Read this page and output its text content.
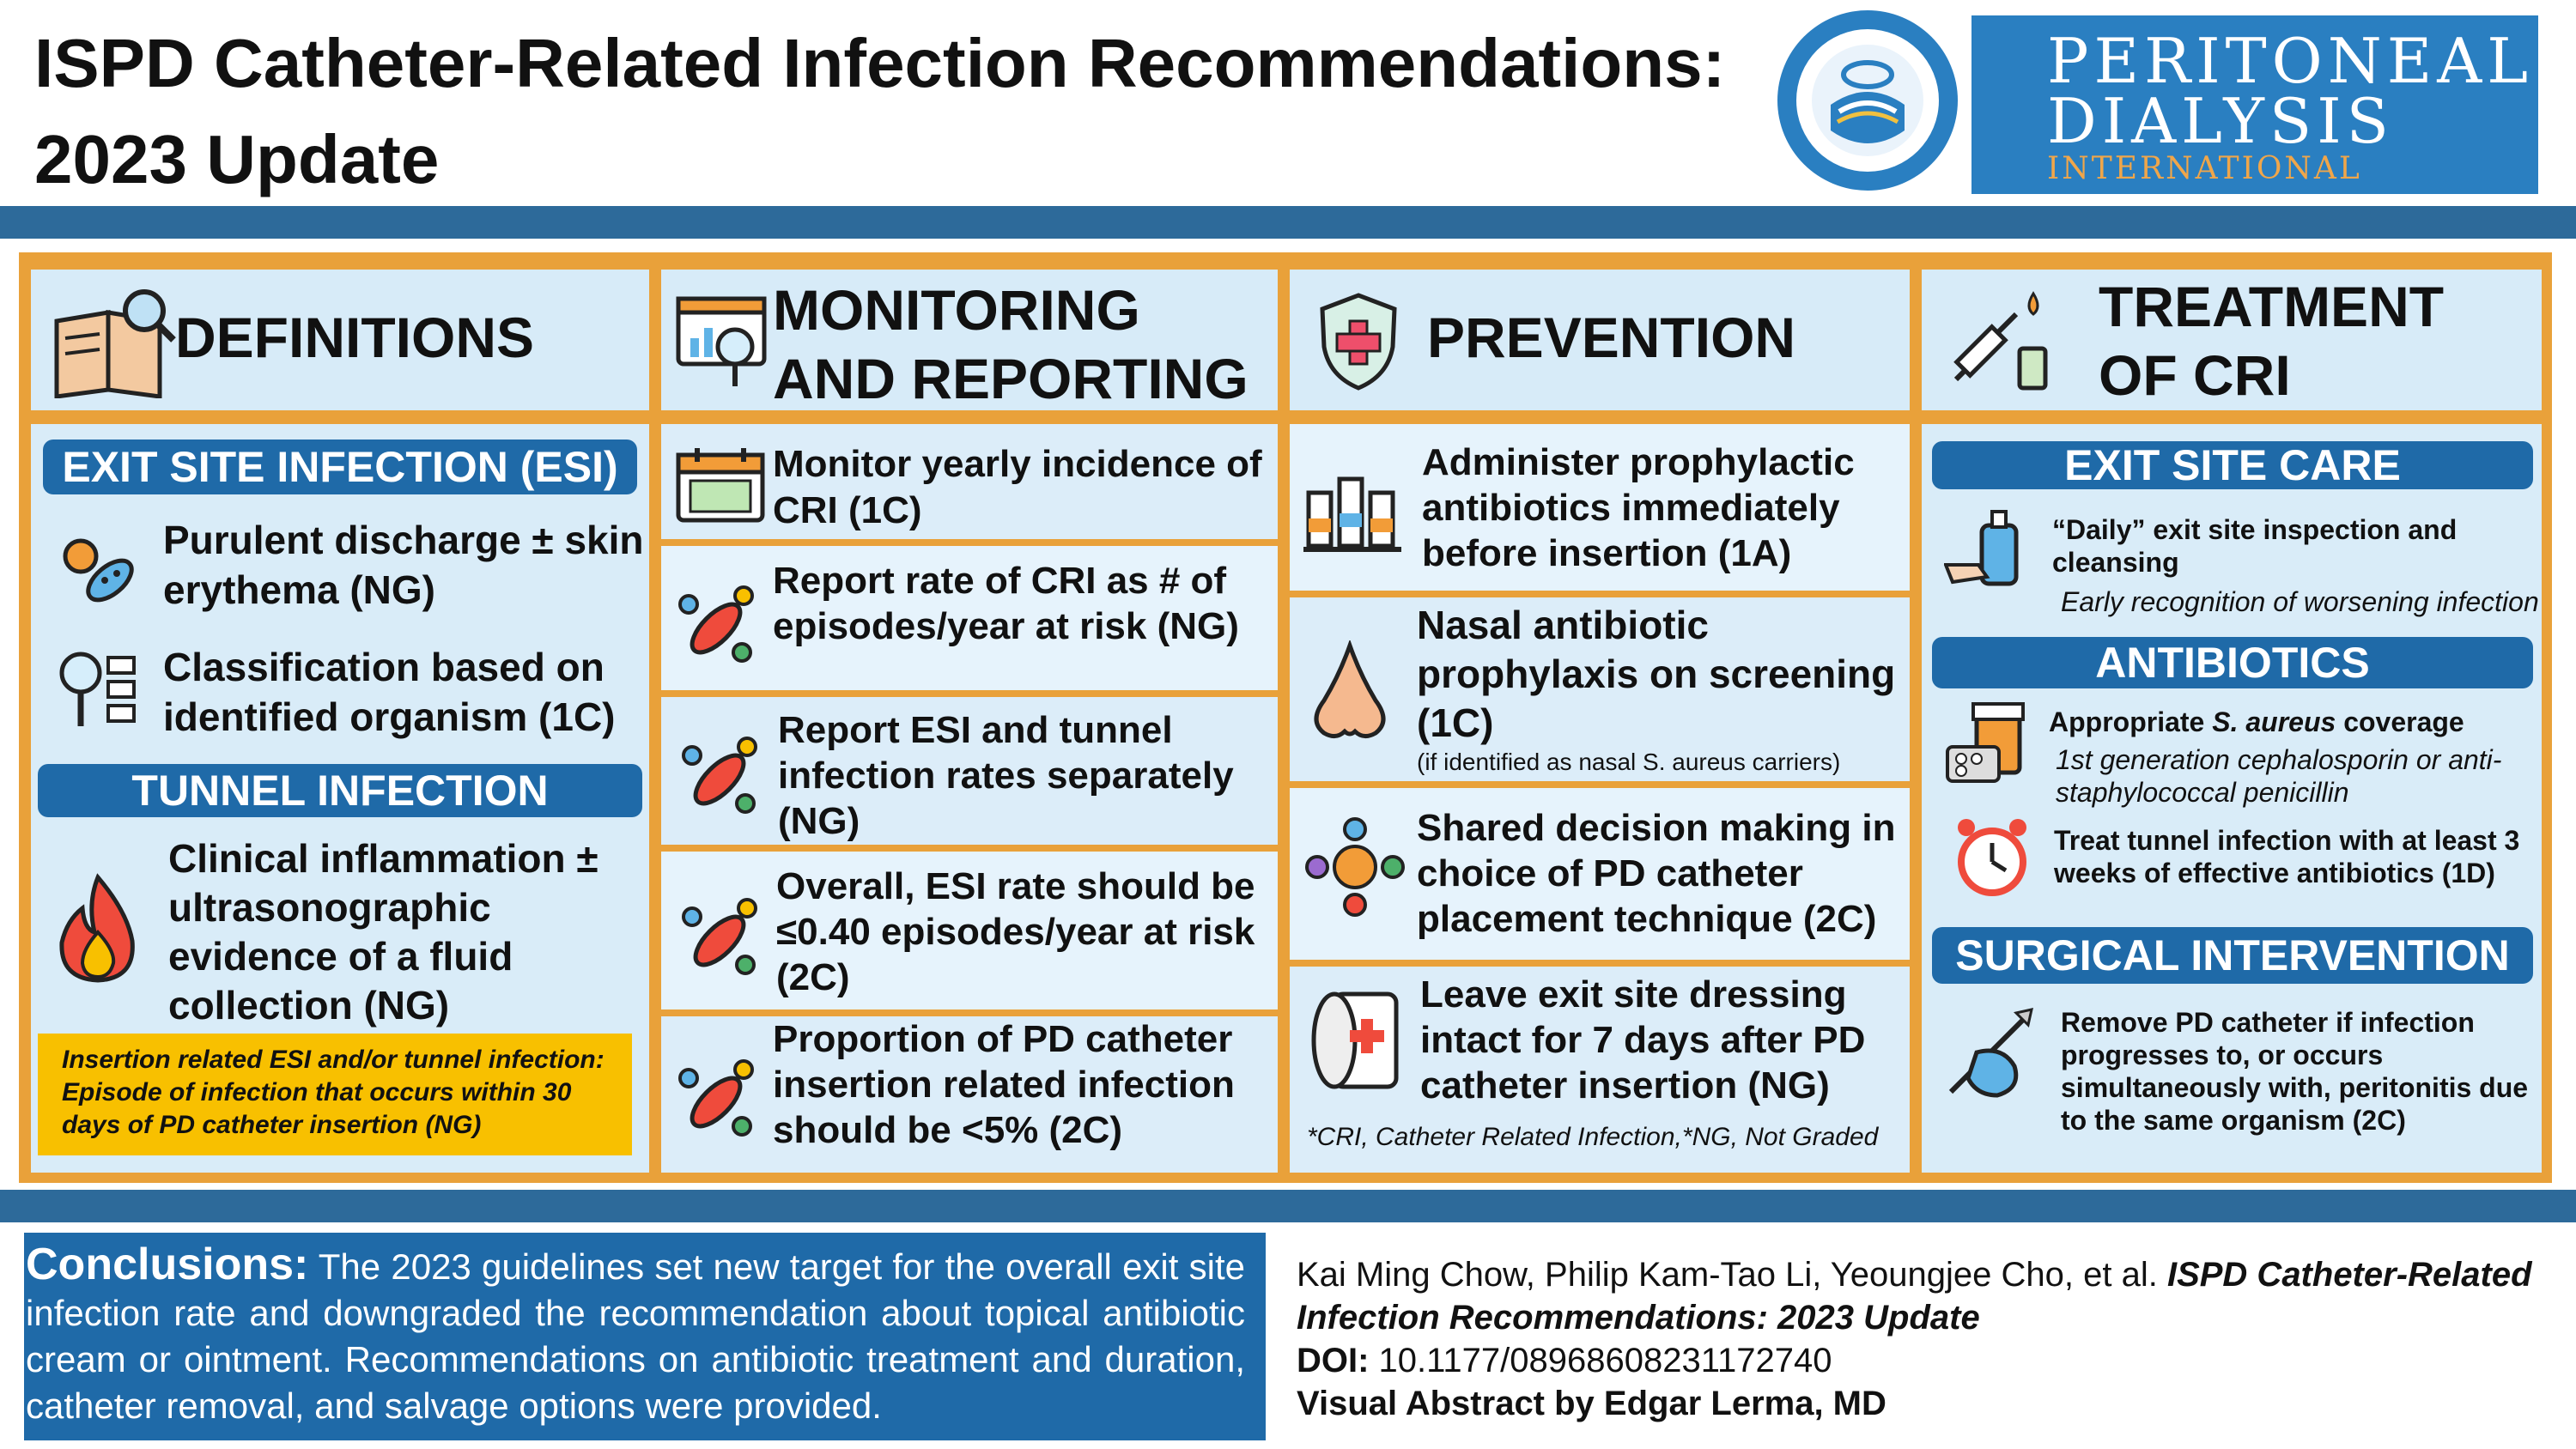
ISPD Catheter-Related Infection Recommendations:
2023 Update
PERITONEAL
DIALYSIS
INTERNATIONAL
DEFINITIONS	MONITORING
AND REPORTING
PREVENTION	TREATMENT
OF CRI
EXIT SITE INFECTION (ESI)
Purulent discharge ± skin erythema (NG)
Classification based on identified organism (1C)
TUNNEL INFECTION
Clinical inflammation ± ultrasonographic evidence of a fluid collection (NG)
Insertion related ESI and/or tunnel infection: Episode of infection that occurs within 30 days of PD catheter insertion (NG)
Monitor yearly incidence of CRI (1C)
Report rate of CRI as # of episodes/year at risk (NG)
Report ESI and tunnel infection rates separately (NG)
Overall, ESI rate should be ≤0.40 episodes/year at risk (2C)
Proportion of PD catheter insertion related infection should be <5% (2C)
Administer prophylactic antibiotics immediately before insertion (1A)
Nasal antibiotic prophylaxis on screening (1C)
(if identified as nasal S. aureus carriers)
Shared decision making in choice of PD catheter placement technique (2C)
Leave exit site dressing intact for 7 days after PD catheter insertion (NG)
*CRI, Catheter Related Infection,*NG, Not Graded
EXIT SITE CARE
“Daily” exit site inspection and cleansing
Early recognition of worsening infection
ANTIBIOTICS
Appropriate S. aureus coverage
1st generation cephalosporin or anti-staphylococcal penicillin
Treat tunnel infection with at least 3 weeks of effective antibiotics (1D)
SURGICAL INTERVENTION
Remove PD catheter if infection progresses to, or occurs simultaneously with, peritonitis due to the same organism (2C)
Conclusions: The 2023 guidelines set new target for the overall exit site infection rate and downgraded the recommendation about topical antibiotic cream or ointment. Recommendations on antibiotic treatment and duration, catheter removal, and salvage options were provided.
Kai Ming Chow, Philip Kam-Tao Li, Yeoungjee Cho, et al. ISPD Catheter-Related Infection Recommendations: 2023 Update
DOI: 10.1177/08968608231172740
Visual Abstract by Edgar Lerma, MD
